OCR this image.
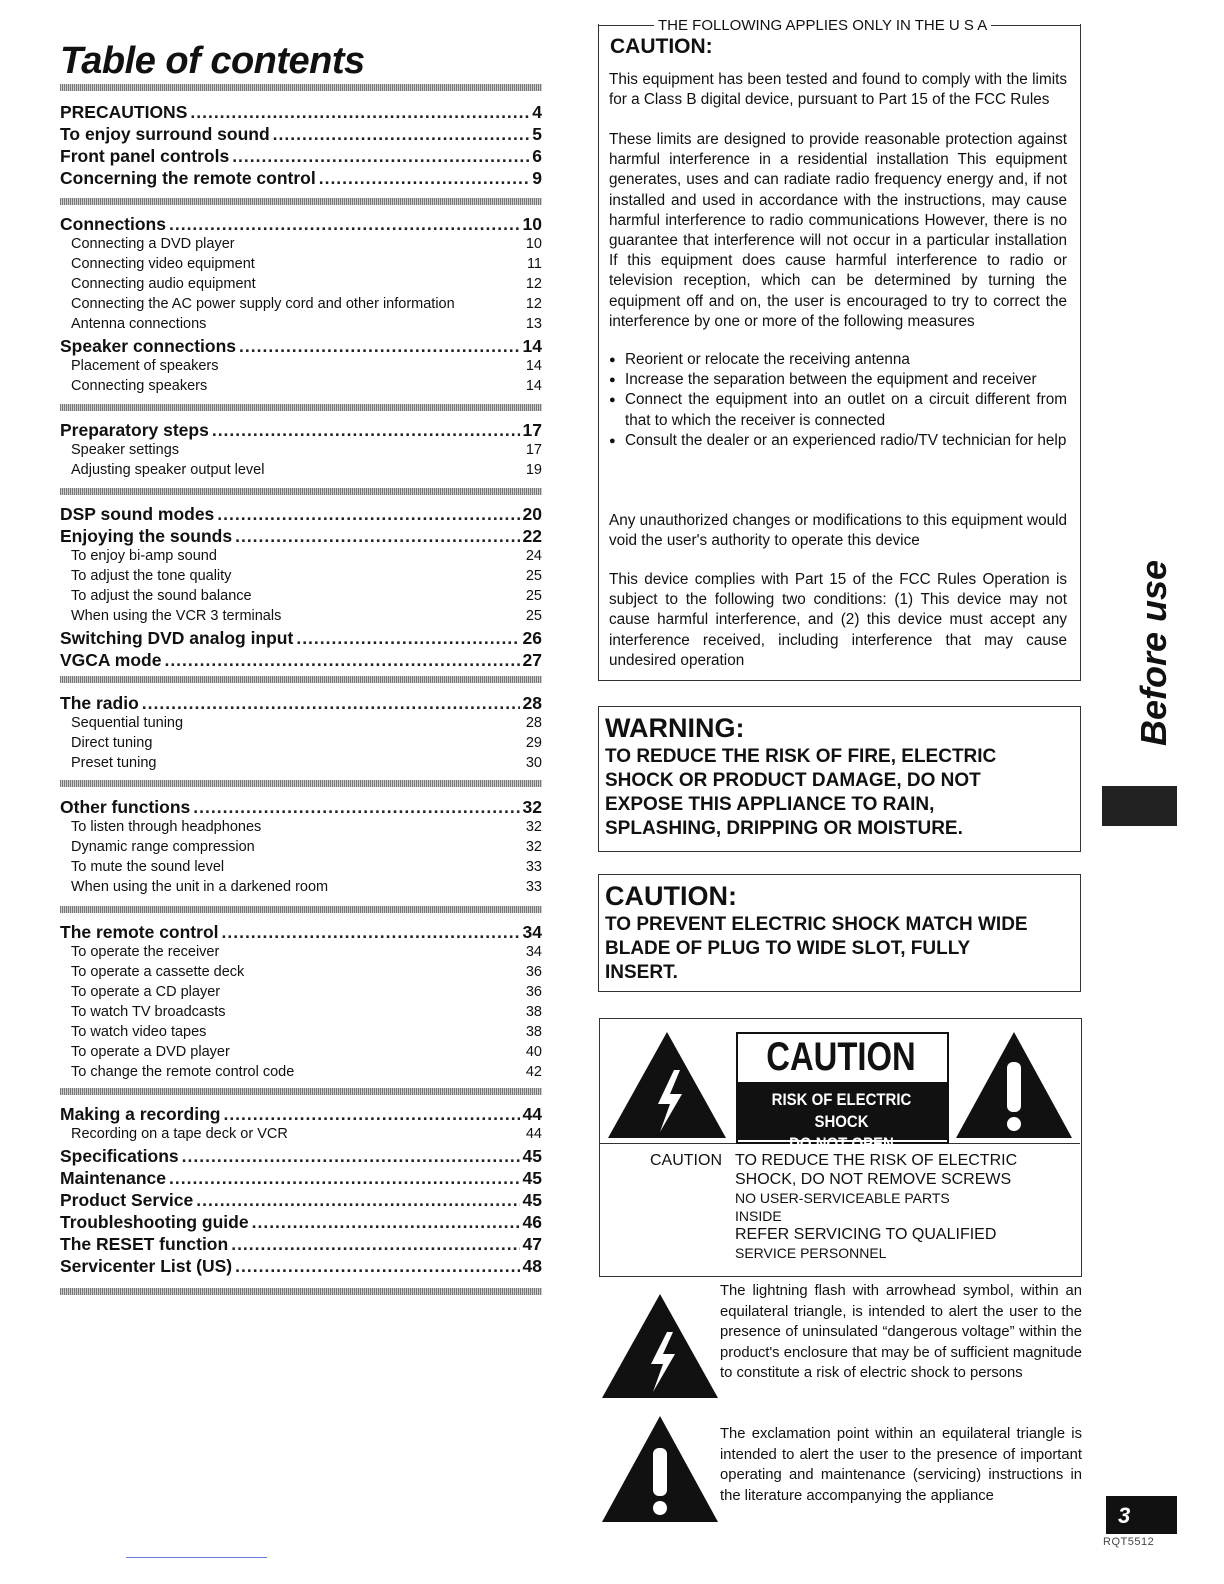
Table of contents
PRECAUTIONS .....	4
To enjoy surround sound .....	5
Front panel controls .....	6
Concerning the remote control .....	9
Connections .....	10
Connecting a DVD player	10
Connecting video equipment	11
Connecting audio equipment	12
Connecting the AC power supply cord and other information	12
Antenna connections	13
Speaker connections .....	14
Placement of speakers	14
Connecting speakers	14
Preparatory steps .....	17
Speaker settings	17
Adjusting speaker output level	19
DSP sound modes .....	20
Enjoying the sounds .....	22
To enjoy bi-amp sound	24
To adjust the tone quality	25
To adjust the sound balance	25
When using the VCR 3 terminals	25
Switching DVD analog input .....	26
VGCA mode .....	27
The radio .....	28
Sequential tuning	28
Direct tuning	29
Preset tuning	30
Other functions .....	32
To listen through headphones	32
Dynamic range compression	32
To mute the sound level	33
When using the unit in a darkened room	33
The remote control .....	34
To operate the receiver	34
To operate a cassette deck	36
To operate a CD player	36
To watch TV broadcasts	38
To watch video tapes	38
To operate a DVD player	40
To change the remote control code	42
Making a recording .....	44
Recording on a tape deck or VCR	44
Specifications .....	45
Maintenance .....	45
Product Service .....	45
Troubleshooting guide .....	46
The RESET function .....	47
Servicenter List (US) .....	48
THE FOLLOWING APPLIES ONLY IN THE U S A
CAUTION:
This equipment has been tested and found to comply with the limits for a Class B digital device, pursuant to Part 15 of the FCC Rules
These limits are designed to provide reasonable protection against harmful interference in a residential installation This equipment generates, uses and can radiate radio frequency energy and, if not installed and used in accordance with the instructions, may cause harmful interference to radio communications However, there is no guarantee that interference will not occur in a particular installation If this equipment does cause harmful interference to radio or television reception, which can be determined by turning the equipment off and on, the user is encouraged to try to correct the interference by one or more of the following measures
● Reorient or relocate the receiving antenna
● Increase the separation between the equipment and receiver
● Connect the equipment into an outlet on a circuit different from that to which the receiver is connected
● Consult the dealer or an experienced radio/TV technician for help
Any unauthorized changes or modifications to this equipment would void the user's authority to operate this device
This device complies with Part 15 of the FCC Rules Operation is subject to the following two conditions: (1) This device may not cause harmful interference, and (2) this device must accept any interference received, including interference that may cause undesired operation
WARNING:
TO REDUCE THE RISK OF FIRE, ELECTRIC
SHOCK OR PRODUCT DAMAGE, DO NOT
EXPOSE THIS APPLIANCE TO RAIN,
SPLASHING, DRIPPING OR MOISTURE.
CAUTION:
TO PREVENT ELECTRIC SHOCK MATCH WIDE
BLADE OF PLUG TO WIDE SLOT, FULLY
INSERT.
CAUTION
RISK OF ELECTRIC SHOCK
DO NOT OPEN
CAUTION TO REDUCE THE RISK OF ELECTRIC
SHOCK, DO NOT REMOVE SCREWS
NO USER-SERVICEABLE PARTS
INSIDE
REFER SERVICING TO QUALIFIED
SERVICE PERSONNEL
The lightning flash with arrowhead symbol, within an equilateral triangle, is intended to alert the user to the presence of uninsulated “dangerous voltage” within the product's enclosure that may be of sufficient magnitude to constitute a risk of electric shock to persons
The exclamation point within an equilateral triangle is intended to alert the user to the presence of important operating and maintenance (servicing) instructions in the literature accompanying the appliance
Before use
3
RQT5512
